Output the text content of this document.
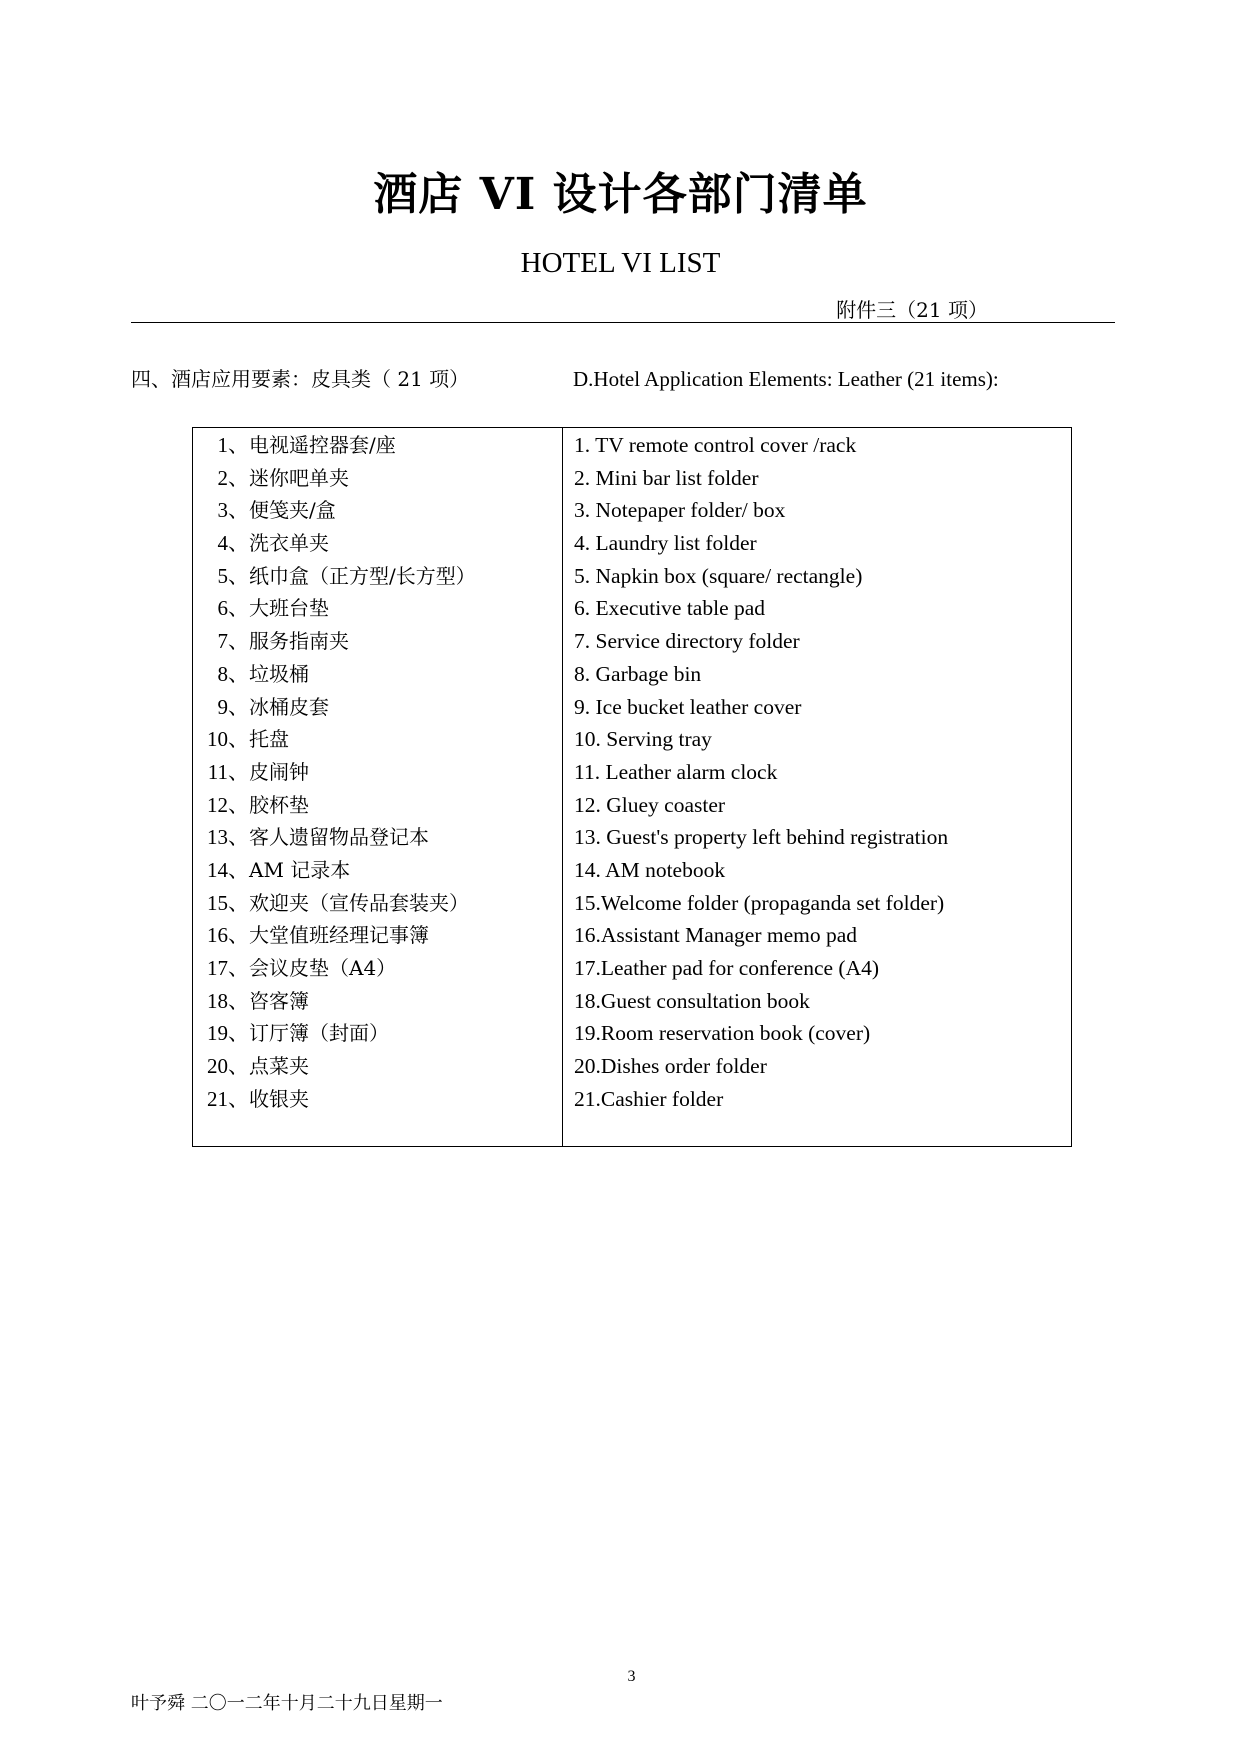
酒店 VI 设计各部门清单
HOTEL VI LIST
附件三（21 项）
四、酒店应用要素：皮具类（ 21 项）	D.Hotel Application Elements: Leather (21 items):
1、 电视遥控器套/座
2、 迷你吧单夹
3、 便笺夹/盒
4、 洗衣单夹
5、 纸巾盒（正方型/长方型）
6、 大班台垫
7、 服务指南夹
8、 垃圾桶
9、 冰桶皮套
10、 托盘
11、 皮闹钟
12、 胶杯垫
13、 客人遗留物品登记本
14、 AM 记录本
15、 欢迎夹（宣传品套装夹）
16、 大堂值班经理记事簿
17、 会议皮垫（A4）
18、 咨客簿
19、 订厅簿（封面）
20、 点菜夹
21、 收银夹
1. TV remote control cover /rack
2. Mini bar list folder
3. Notepaper folder/ box
4. Laundry list folder
5. Napkin box (square/ rectangle)
6. Executive table pad
7. Service directory folder
8. Garbage bin
9. Ice bucket leather cover
10. Serving tray
11. Leather alarm clock
12. Gluey coaster
13. Guest's property left behind registration
14. AM notebook
15.Welcome folder (propaganda set folder)
16.Assistant Manager memo pad
17.Leather pad for conference (A4)
18.Guest consultation book
19.Room reservation book (cover)
20.Dishes order folder
21.Cashier folder
3
叶予舜 二〇一二年十月二十九日星期一
